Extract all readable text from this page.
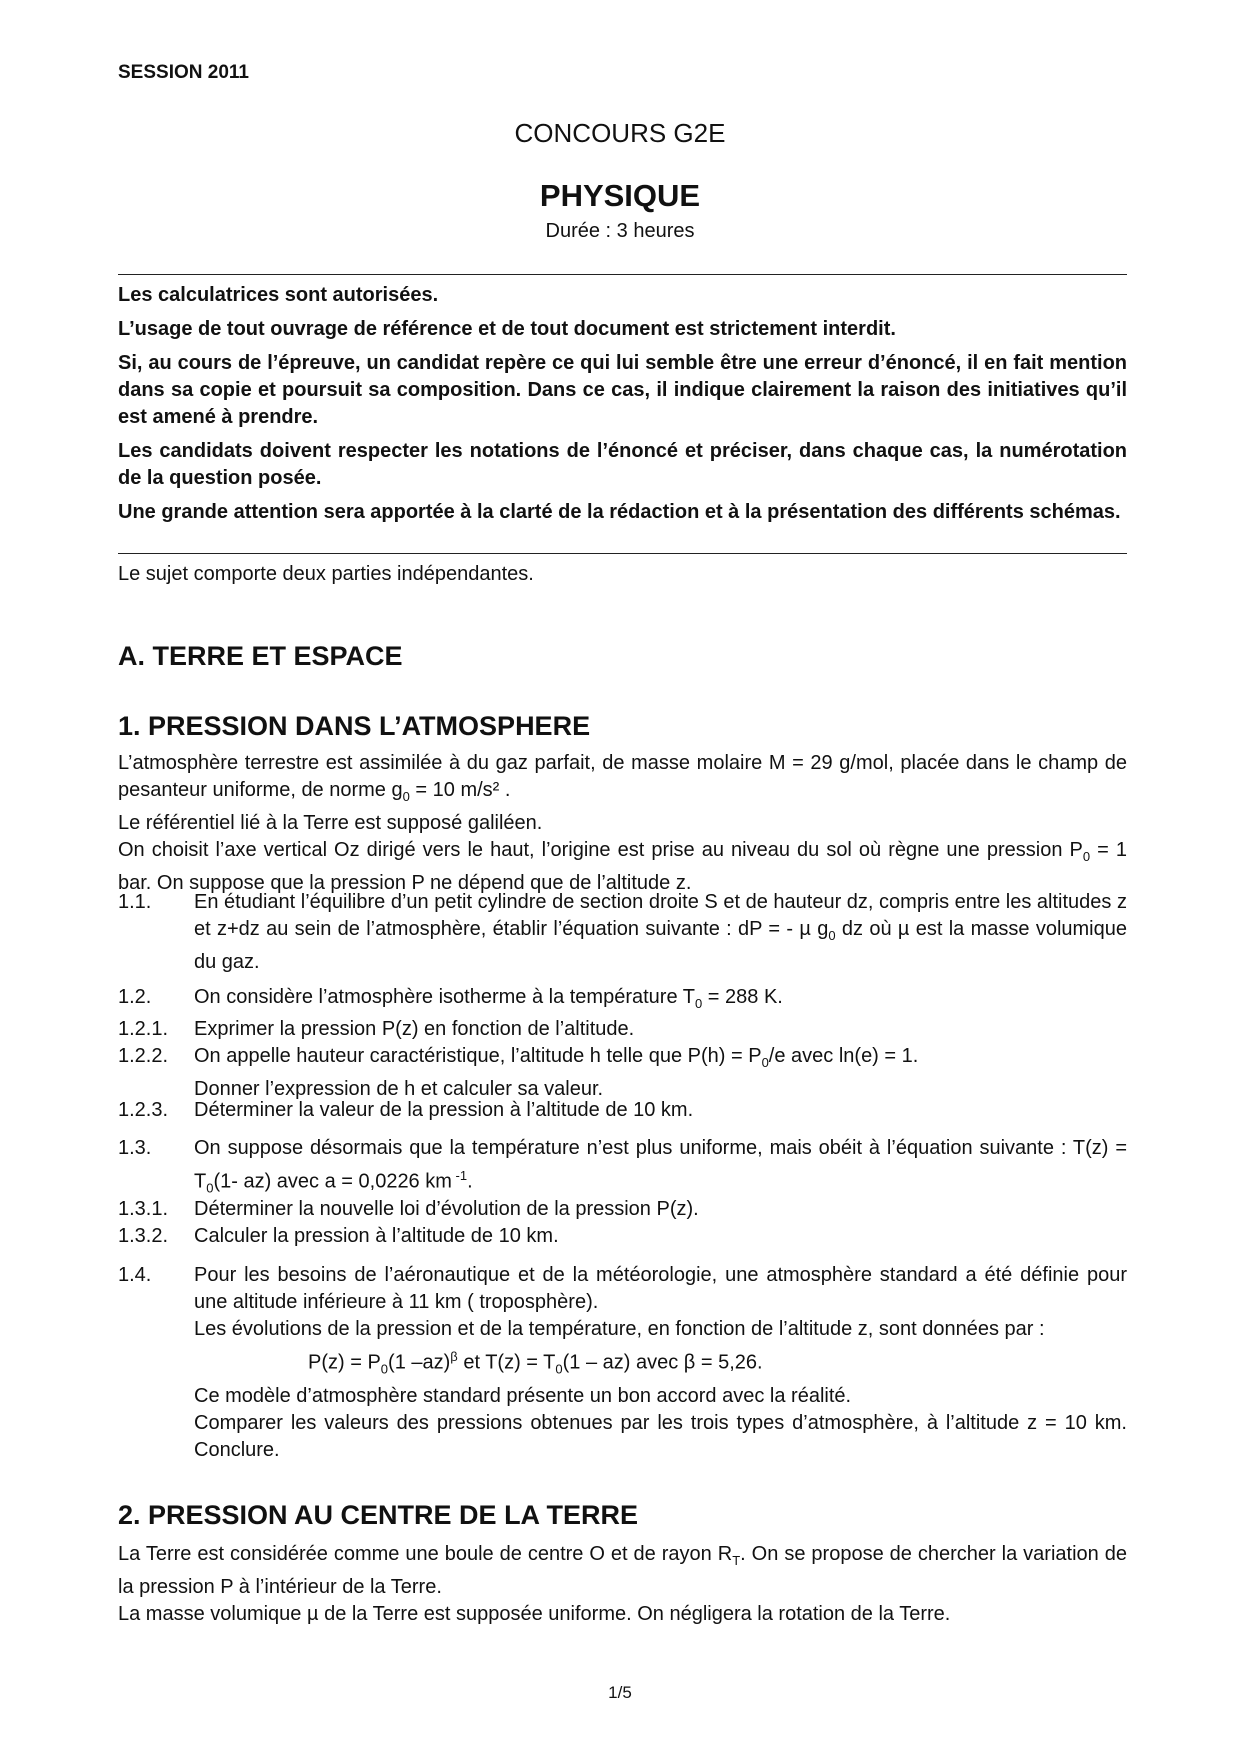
SESSION 2011
CONCOURS G2E
PHYSIQUE
Durée : 3 heures

Les calculatrices sont autorisées.

L’usage de tout ouvrage de référence et de tout document est strictement interdit.

Si, au cours de l’épreuve, un candidat repère ce qui lui semble être une erreur d’énoncé, il en fait mention dans sa copie et poursuit sa composition. Dans ce cas, il indique clairement la raison des initiatives qu’il est amené à prendre.

Les candidats doivent respecter les notations de l’énoncé et préciser, dans chaque cas, la numérotation de la question posée.

Une grande attention sera apportée à la clarté de la rédaction et à la présentation des différents schémas.

Le sujet comporte deux parties indépendantes.
A. TERRE ET ESPACE
1. PRESSION DANS L’ATMOSPHERE

L’atmosphère terrestre est assimilée à du gaz parfait, de masse molaire M = 29 g/mol, placée dans le champ de pesanteur uniforme, de norme $g_0 = 10$ m/s² .

Le référentiel lié à la Terre est supposé galiléen.

On choisit l’axe vertical Oz dirigé vers le haut, l’origine est prise au niveau du sol où règne une pression $P_0 = 1$ bar. On suppose que la pression P ne dépend que de l’altitude z.

1.1.	En étudiant l’équilibre d’un petit cylindre de section droite S et de hauteur dz, compris entre les altitudes z et z+dz au sein de l’atmosphère, établir l’équation suivante : dP = - µ $g_0$ dz où µ est la masse volumique du gaz.

1.2.	On considère l’atmosphère isotherme à la température $T_0 = 288$ K.

1.2.1.	Exprimer la pression P(z) en fonction de l’altitude.

1.2.2.	On appelle hauteur caractéristique, l’altitude h telle que $P(h) = P_0/e$ avec ln(e) = 1.

Donner l’expression de h et calculer sa valeur.

1.2.3.	Déterminer la valeur de la pression à l’altitude de 10 km.

1.3.	On suppose désormais que la température n’est plus uniforme, mais obéit à l’équation suivante : $T(z) = T_0(1-$ az) avec a = 0,0226 km $^{-1}$.

1.3.1.	Déterminer la nouvelle loi d’évolution de la pression P(z).

1.3.2.	Calculer la pression à l’altitude de 10 km.

1.4.	Pour les besoins de l’aéronautique et de la météorologie, une atmosphère standard a été définie pour une altitude inférieure à 11 km ( troposphère).

Les évolutions de la pression et de la température, en fonction de l’altitude z, sont données par :

$P(z) = P_0(1$ –az)$^\beta$ et $T(z) = T_0(1 - az)$ avec β = 5,26.

Ce modèle d’atmosphère standard présente un bon accord avec la réalité.

Comparer les valeurs des pressions obtenues par les trois types d’atmosphère, à l’altitude z = 10 km. Conclure.

2. PRESSION AU CENTRE DE LA TERRE

La Terre est considérée comme une boule de centre O et de rayon $R_T$. On se propose de chercher la variation de la pression P à l’intérieur de la Terre.

La masse volumique µ de la Terre est supposée uniforme. On négligera la rotation de la Terre.

1/5
